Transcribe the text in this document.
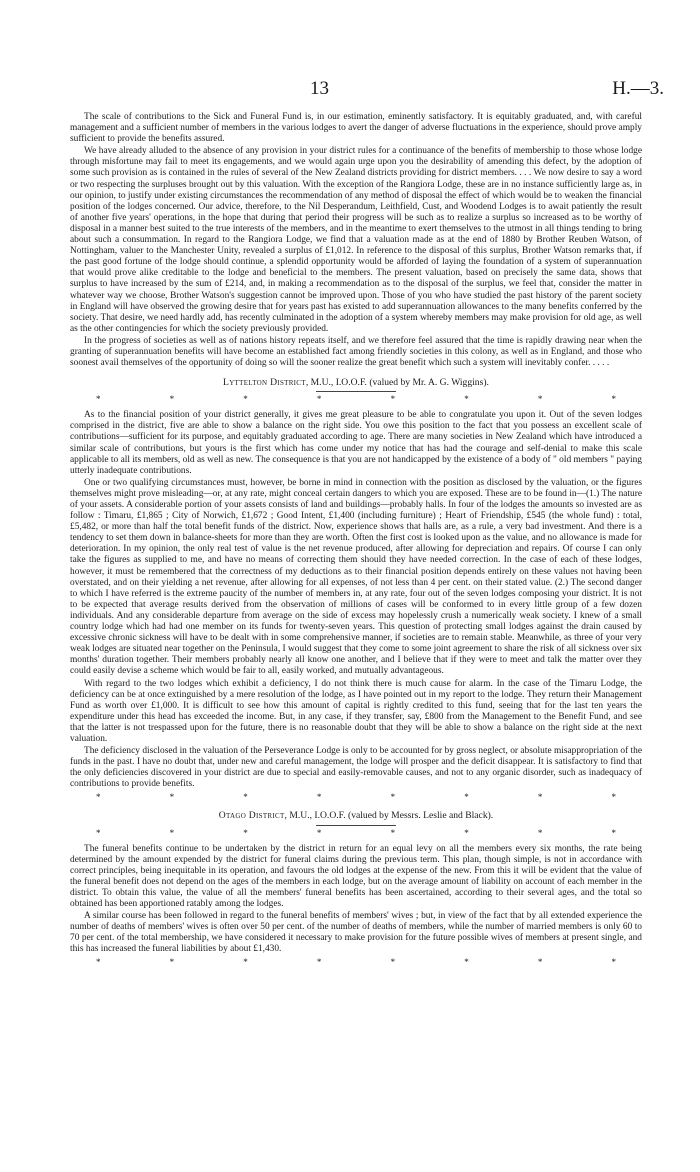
13	H.—3.

The scale of contributions to the Sick and Funeral Fund is, in our estimation, eminently satisfactory. It is equitably graduated, and, with careful management and a sufficient number of members in the various lodges to avert the danger of adverse fluctuations in the experience, should prove amply sufficient to provide the benefits assured.

We have already alluded to the absence of any provision in your district rules for a continuance of the benefits of membership to those whose lodge through misfortune may fail to meet its engagements, and we would again urge upon you the desirability of amending this defect, by the adoption of some such provision as is contained in the rules of several of the New Zealand districts providing for district members. . . . We now desire to say a word or two respecting the surpluses brought out by this valuation. With the exception of the Rangiora Lodge, these are in no instance sufficiently large as, in our opinion, to justify under existing circumstances the recommendation of any method of disposal the effect of which would be to weaken the financial position of the lodges concerned. Our advice, therefore, to the Nil Desperandum, Leithfield, Cust, and Woodend Lodges is to await patiently the result of another five years' operations, in the hope that during that period their progress will be such as to realize a surplus so increased as to be worthy of disposal in a manner best suited to the true interests of the members, and in the meantime to exert themselves to the utmost in all things tending to bring about such a consummation. In regard to the Rangiora Lodge, we find that a valuation made as at the end of 1880 by Brother Reuben Watson, of Nottingham, valuer to the Manchester Unity, revealed a surplus of £1,012. In reference to the disposal of this surplus, Brother Watson remarks that, if the past good fortune of the lodge should continue, a splendid opportunity would be afforded of laying the foundation of a system of superannuation that would prove alike creditable to the lodge and beneficial to the members. The present valuation, based on precisely the same data, shows that surplus to have increased by the sum of £214, and, in making a recommendation as to the disposal of the surplus, we feel that, consider the matter in whatever way we choose, Brother Watson's suggestion cannot be improved upon. Those of you who have studied the past history of the parent society in England will have observed the growing desire that for years past has existed to add superannuation allowances to the many benefits conferred by the society. That desire, we need hardly add, has recently culminated in the adoption of a system whereby members may make provision for old age, as well as the other contingencies for which the society previously provided.

In the progress of societies as well as of nations history repeats itself, and we therefore feel assured that the time is rapidly drawing near when the granting of superannuation benefits will have become an established fact among friendly societies in this colony, as well as in England, and those who soonest avail themselves of the opportunity of doing so will the sooner realize the great benefit which such a system will inevitably confer. . . . .

Lyttelton District, M.U., I.O.O.F. (valued by Mr. A. G. Wiggins).

*	*	*	*	*	*	*	*

As to the financial position of your district generally, it gives me great pleasure to be able to congratulate you upon it. Out of the seven lodges comprised in the district, five are able to show a balance on the right side. You owe this position to the fact that you possess an excellent scale of contributions—sufficient for its purpose, and equitably graduated according to age. There are many societies in New Zealand which have introduced a similar scale of contributions, but yours is the first which has come under my notice that has had the courage and self-denial to make this scale applicable to all its members, old as well as new. The consequence is that you are not handicapped by the existence of a body of " old members " paying utterly inadequate contributions.

One or two qualifying circumstances must, however, be borne in mind in connection with the position as disclosed by the valuation, or the figures themselves might prove misleading—or, at any rate, might conceal certain dangers to which you are exposed. These are to be found in—(1.) The nature of your assets. A considerable portion of your assets consists of land and buildings—probably halls. In four of the lodges the amounts so invested are as follow : Timaru, £1,865 ; City of Norwich, £1,672 ; Good Intent, £1,400 (including furniture) ; Heart of Friendship, £545 (the whole fund) : total, £5,482, or more than half the total benefit funds of the district. Now, experience shows that halls are, as a rule, a very bad investment. And there is a tendency to set them down in balance-sheets for more than they are worth. Often the first cost is looked upon as the value, and no allowance is made for deterioration. In my opinion, the only real test of value is the net revenue produced, after allowing for depreciation and repairs. Of course I can only take the figures as supplied to me, and have no means of correcting them should they have needed correction. In the case of each of these lodges, however, it must be remembered that the correctness of my deductions as to their financial position depends entirely on these values not having been overstated, and on their yielding a net revenue, after allowing for all expenses, of not less than 4 per cent. on their stated value. (2.) The second danger to which I have referred is the extreme paucity of the number of members in, at any rate, four out of the seven lodges composing your district. It is not to be expected that average results derived from the observation of millions of cases will be conformed to in every little group of a few dozen individuals. And any considerable departure from average on the side of excess may hopelessly crush a numerically weak society. I knew of a small country lodge which had had one member on its funds for twenty-seven years. This question of protecting small lodges against the drain caused by excessive chronic sickness will have to be dealt with in some comprehensive manner, if societies are to remain stable. Meanwhile, as three of your very weak lodges are situated near together on the Peninsula, I would suggest that they come to some joint agreement to share the risk of all sickness over six months' duration together. Their members probably nearly all know one another, and I believe that if they were to meet and talk the matter over they could easily devise a scheme which would be fair to all, easily worked, and mutually advantageous.

With regard to the two lodges which exhibit a deficiency, I do not think there is much cause for alarm. In the case of the Timaru Lodge, the deficiency can be at once extinguished by a mere resolution of the lodge, as I have pointed out in my report to the lodge. They return their Management Fund as worth over £1,000. It is difficult to see how this amount of capital is rightly credited to this fund, seeing that for the last ten years the expenditure under this head has exceeded the income. But, in any case, if they transfer, say, £800 from the Management to the Benefit Fund, and see that the latter is not trespassed upon for the future, there is no reasonable doubt that they will be able to show a balance on the right side at the next valuation.

The deficiency disclosed in the valuation of the Perseverance Lodge is only to be accounted for by gross neglect, or absolute misappropriation of the funds in the past. I have no doubt that, under new and careful management, the lodge will prosper and the deficit disappear. It is satisfactory to find that the only deficiencies discovered in your district are due to special and easily-removable causes, and not to any organic disorder, such as inadequacy of contributions to provide benefits.

*	*	*	*	*	*	*	*

Otago District, M.U., I.O.O.F. (valued by Messrs. Leslie and Black).

*	*	*	*	*	*	*	*

The funeral benefits continue to be undertaken by the district in return for an equal levy on all the members every six months, the rate being determined by the amount expended by the district for funeral claims during the previous term. This plan, though simple, is not in accordance with correct principles, being inequitable in its operation, and favours the old lodges at the expense of the new. From this it will be evident that the value of the funeral benefit does not depend on the ages of the members in each lodge, but on the average amount of liability on account of each member in the district. To obtain this value, the value of all the members' funeral benefits has been ascertained, according to their several ages, and the total so obtained has been apportioned ratably among the lodges.

A similar course has been followed in regard to the funeral benefits of members' wives ; but, in view of the fact that by all extended experience the number of deaths of members' wives is often over 50 per cent. of the number of deaths of members, while the number of married members is only 60 to 70 per cent. of the total membership, we have considered it necessary to make provision for the future possible wives of members at present single, and this has increased the funeral liabilities by about £1,430.

*	*	*	*	*	*	*	*
